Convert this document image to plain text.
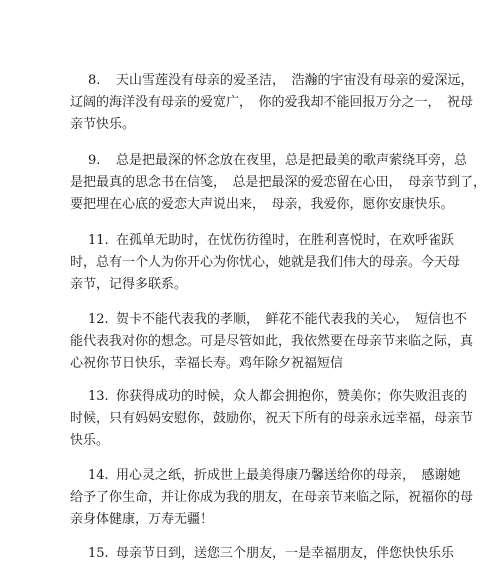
8. 天山雪莲没有母亲的爱圣洁，　浩瀚的宇宙没有母亲的爱深远，
辽阔的海洋没有母亲的爱宽广，　你的爱我却不能回报万分之一，　祝母
亲节快乐。
9. 总是把最深的怀念放在夜里，总是把最美的歌声萦绕耳旁，总
是把最真的思念书在信笺，　总是把最深的爱恋留在心田，　母亲节到了，
要把埋在心底的爱恋大声说出来，　母亲，我爱你，愿你安康快乐。
11. 在孤单无助时，在忧伤彷徨时，在胜利喜悦时，在欢呼雀跃
时，总有一个人为你开心为你忧心，她就是我们伟大的母亲。今天母
亲节，记得多联系。
12. 贺卡不能代表我的孝顺，　鲜花不能代表我的关心，　短信也不
能代表我对你的想念。可是尽管如此，我依然要在母亲节来临之际，真
心祝你节日快乐，幸福长寿。鸡年除夕祝福短信
13. 你获得成功的时候，众人都会拥抱你，赞美你；你失败沮丧的
时候，只有妈妈安慰你，鼓励你，祝天下所有的母亲永远幸福，母亲节
快乐。
14. 用心灵之纸，折成世上最美得康乃馨送给你的母亲，　感谢她
给予了你生命，并让你成为我的朋友，在母亲节来临之际，祝福你的母
亲身体健康，万寿无疆！
15. 母亲节日到，送您三个朋友，一是幸福朋友，伴您快快乐乐
